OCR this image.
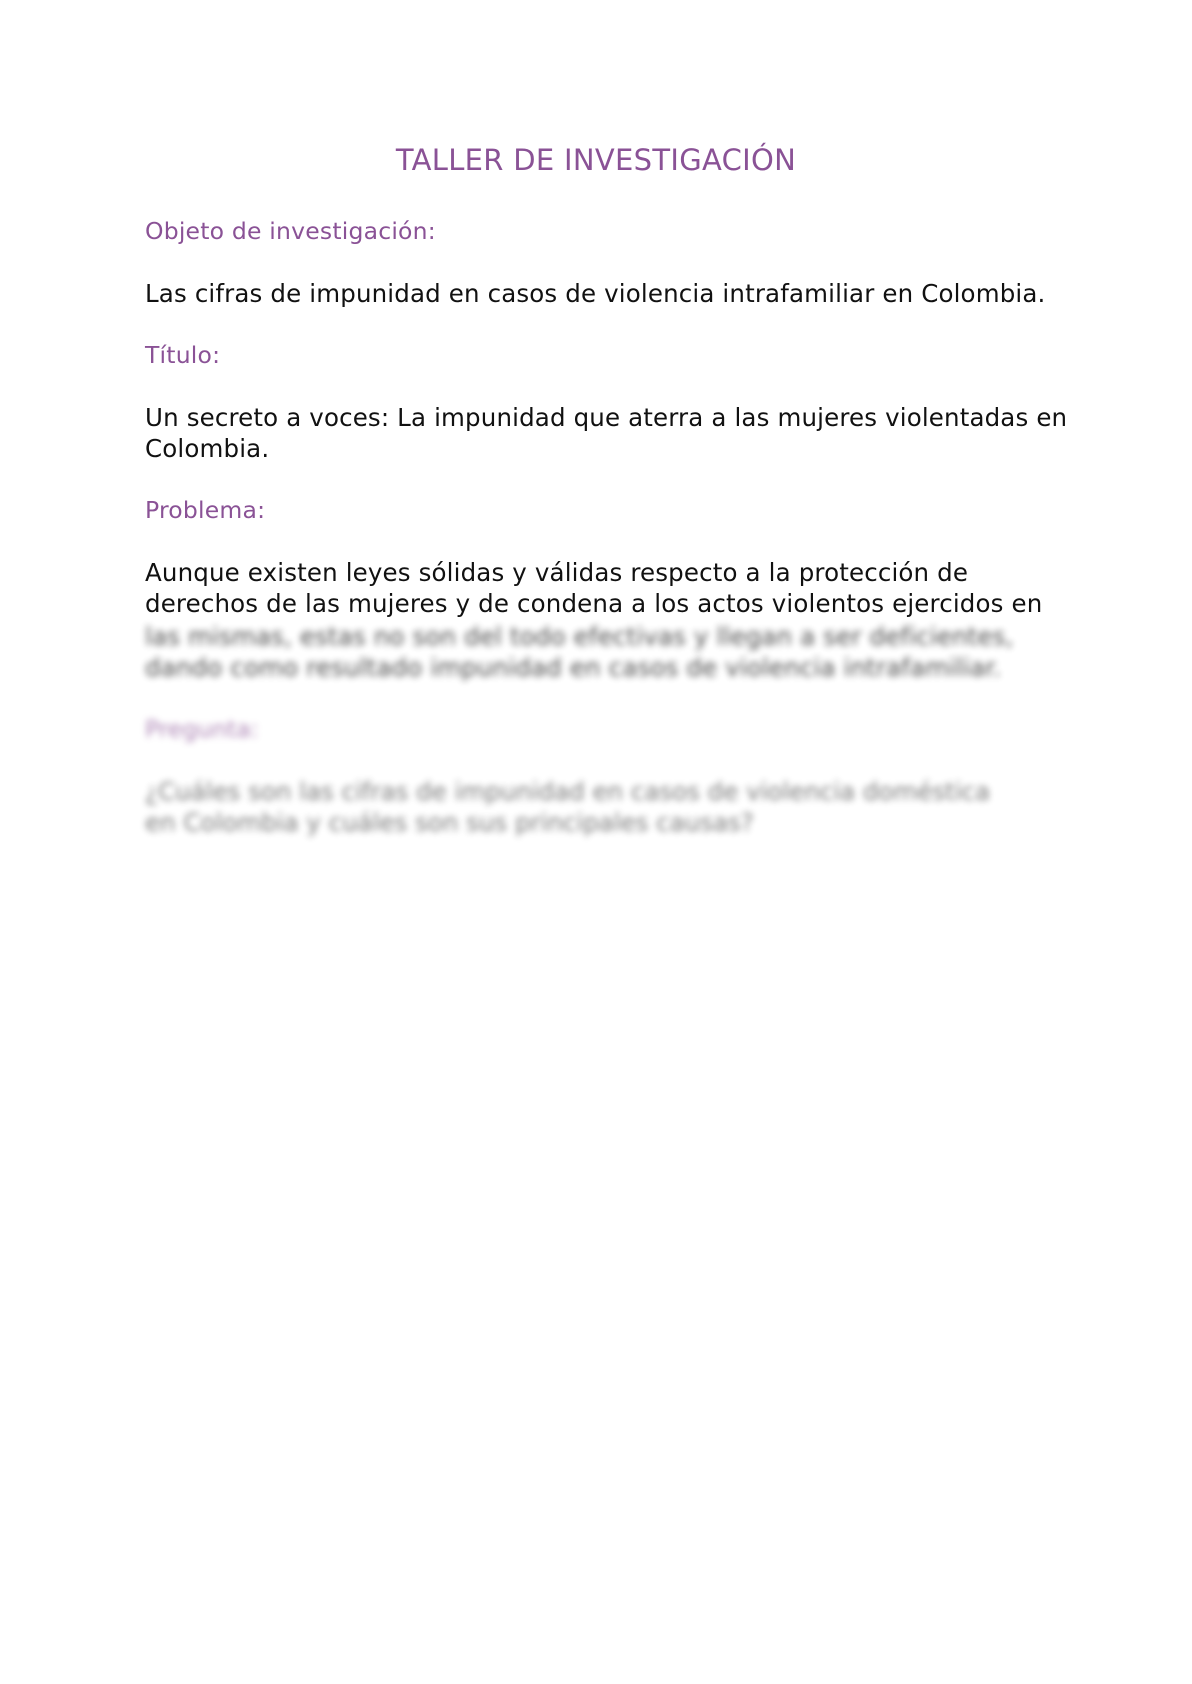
TALLER DE INVESTIGACIÓN
Objeto de investigación:

Las cifras de impunidad en casos de violencia intrafamiliar en Colombia.

Título:

Un secreto a voces: La impunidad que aterra a las mujeres violentadas en Colombia.

Problema:
Aunque existen leyes sólidas y válidas respecto a la protección de
derechos de las mujeres y de condena a los actos violentos ejercidos en
las mismas, estas no son del todo efectivas y llegan a ser deficientes,
dando como resultado impunidad en casos de violencia intrafamiliar.
Pregunta:
¿Cuáles son las cifras de impunidad en casos de violencia doméstica
en Colombia y cuáles son sus principales causas?
